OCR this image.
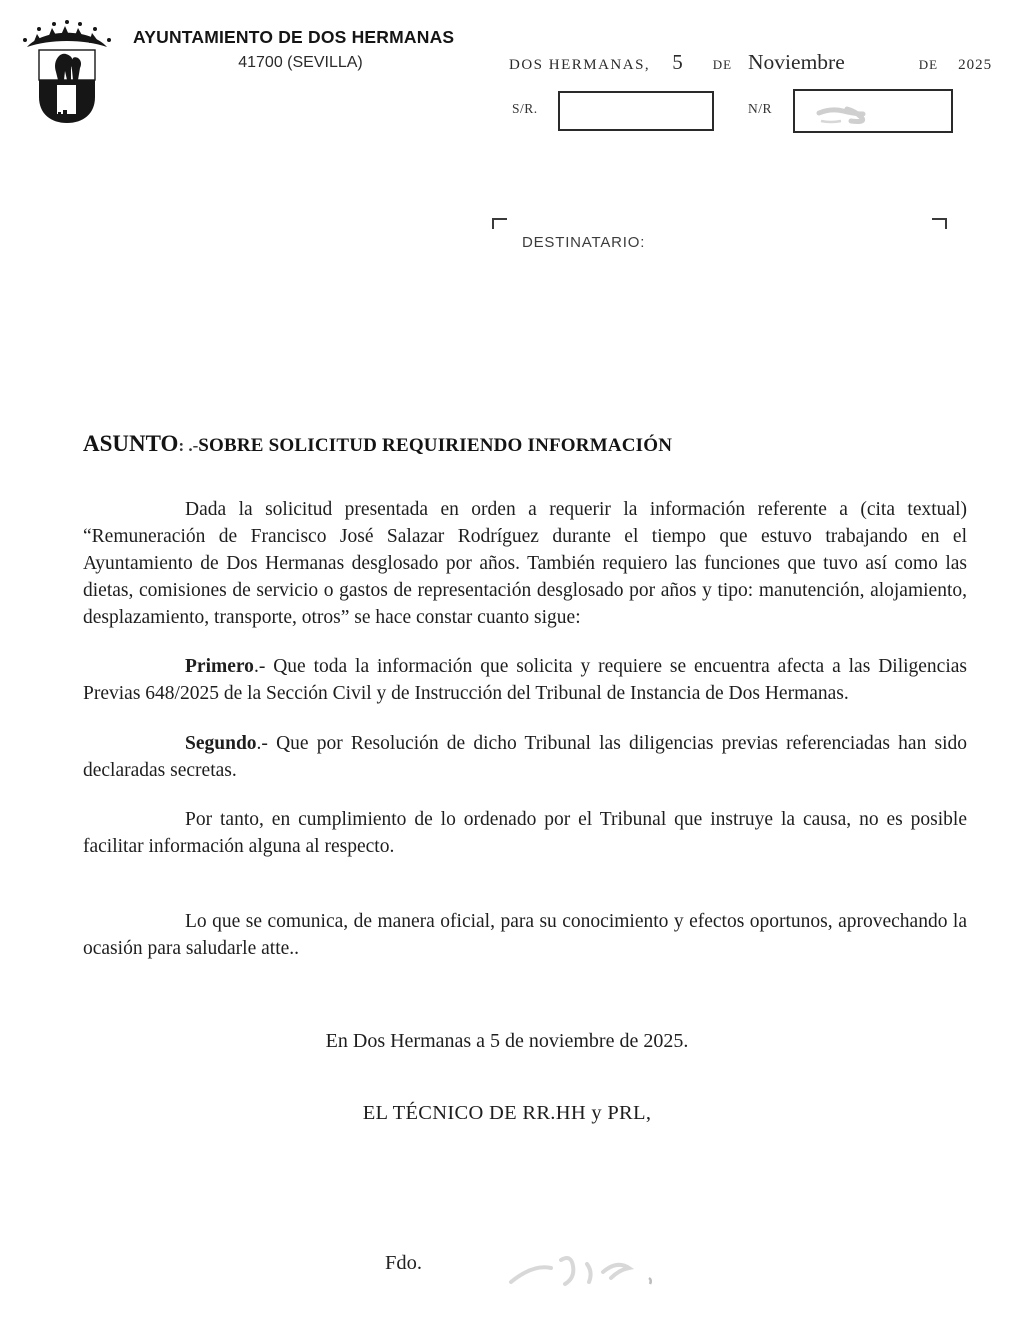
AYUNTAMIENTO DE DOS HERMANAS
41700 (SEVILLA)	DOS HERMANAS, 5 DE Noviembre	DE 2025
S/R.	N/R
DESTINATARIO:
ASUNTO: .-SOBRE SOLICITUD REQUIRIENDO INFORMACIÓN

Dada la solicitud presentada en orden a requerir la información referente a (cita textual) “Remuneración de Francisco José Salazar Rodríguez durante el tiempo que estuvo trabajando en el Ayuntamiento de Dos Hermanas desglosado por años. También requiero las funciones que tuvo así como las dietas, comisiones de servicio o gastos de representación desglosado por años y tipo: manutención, alojamiento, desplazamiento, transporte, otros” se hace constar cuanto sigue:

Primero.- Que toda la información que solicita y requiere se encuentra afecta a las Diligencias Previas 648/2025 de la Sección Civil y de Instrucción del Tribunal de Instancia de Dos Hermanas.

Segundo.- Que por Resolución de dicho Tribunal las diligencias previas referenciadas han sido declaradas secretas.

Por tanto, en cumplimiento de lo ordenado por el Tribunal que instruye la causa, no es posible facilitar información alguna al respecto.

Lo que se comunica, de manera oficial, para su conocimiento y efectos oportunos, aprovechando la ocasión para saludarle atte..

En Dos Hermanas a 5 de noviembre de 2025.
EL TÉCNICO DE RR.HH y PRL,
Fdo.
